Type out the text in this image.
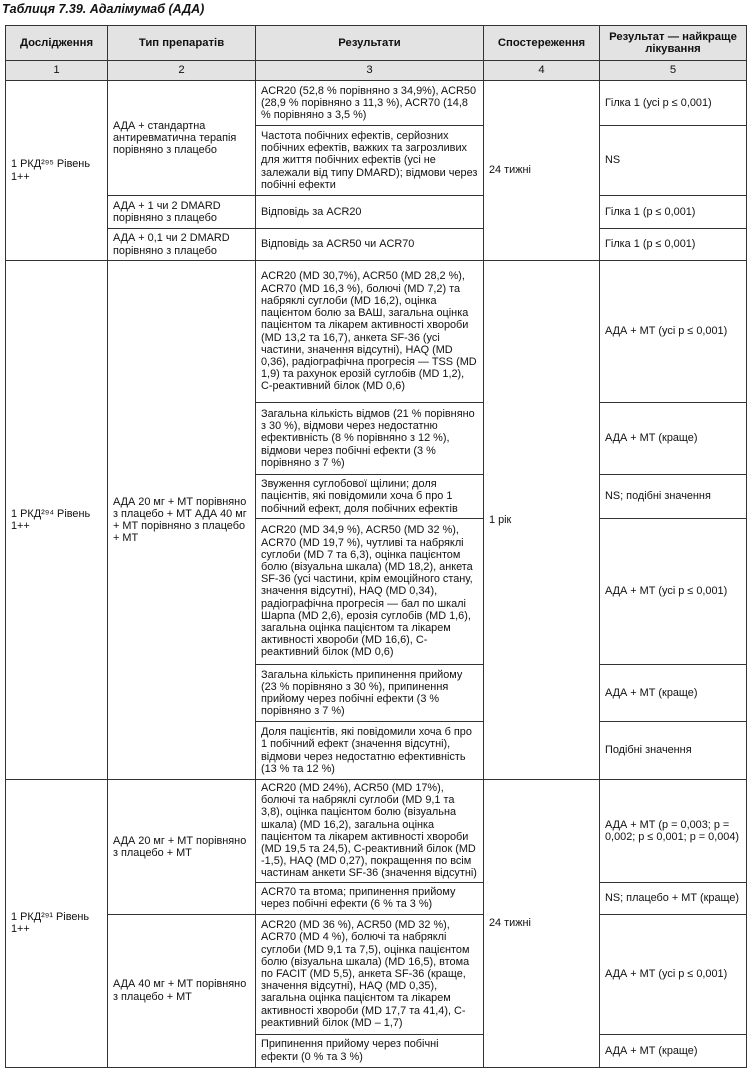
Таблиця 7.39. Адалімумаб (АДА)
Дослідження	Тип препаратів	Результати	Спостереження	Результат — найкраще лікування
1	2	3	4	5
1 РКД²⁹⁵ Рівень 1++	АДА + стандартна антиревматична терапія порівняно з плацебо	ACR20 (52,8 % порівняно з 34,9%), ACR50 (28,9 % порівняно з 11,3 %), ACR70 (14,8 % порівняно з 3,5 %)	24 тижні	Гілка 1 (усі p ≤ 0,001)
		Частота побічних ефектів, серйозних побічних ефектів, важких та загрозливих для життя побічних ефектів (усі не залежали від типу DMARD); відмови через побічні ефекти		NS
	АДА + 1 чи 2 DMARD порівняно з плацебо	Відповідь за ACR20		Гілка 1 (p ≤ 0,001)
	АДА + 0,1 чи 2 DMARD порівняно з плацебо	Відповідь за ACR50 чи ACR70		Гілка 1 (p ≤ 0,001)
1 РКД²⁹⁴ Рівень 1++	АДА 20 мг + МТ порівняно з плацебо + МТ АДА 40 мг + МТ порівняно з плацебо + МТ	ACR20 (MD 30,7%), ACR50 (MD 28,2 %), ACR70 (MD 16,3 %), болючі (MD 7,2) та набряклі суглоби (MD 16,2), оцінка пацієнтом болю за ВАШ, загальна оцінка пацієнтом та лікарем активності хвороби (MD 13,2 та 16,7), анкета SF-36 (усі частини, значення відсутні), HAQ (MD 0,36), радіографічна прогресія — TSS (MD 1,9) та рахунок ерозій суглобів (MD 1,2), С-реактивний білок (MD 0,6)	1 рік	АДА + МТ (усі p ≤ 0,001)
		Загальна кількість відмов (21 % порівняно з 30 %), відмови через недостатню ефективність (8 % порівняно з 12 %), відмови через побічні ефекти (3 % порівняно з 7 %)		АДА + МТ (краще)
		Звуження суглобової щілини; доля пацієнтів, які повідомили хоча б про 1 побічний ефект, доля побічних ефектів		NS; подібні значення
		ACR20 (MD 34,9 %), ACR50 (MD 32 %), ACR70 (MD 19,7 %), чутливі та набряклі суглоби (MD 7 та 6,3), оцінка пацієнтом болю (візуальна шкала) (MD 18,2), анкета SF-36 (усі частини, крім емоційного стану, значення відсутні), HAQ (MD 0,34), радіографічна прогресія — бал по шкалі Шарпа (MD 2,6), ерозія суглобів (MD 1,6), загальна оцінка пацієнтом та лікарем активності хвороби (MD 16,6), С-реактивний білок (MD 0,6)		АДА + МТ (усі p ≤ 0,001)
		Загальна кількість припинення прийому (23 % порівняно з 30 %), припинення прийому через побічні ефекти (3 % порівняно з 7 %)		АДА + МТ (краще)
		Доля пацієнтів, які повідомили хоча б про 1 побічний ефект (значення відсутні), відмови через недостатню ефективність (13 % та 12 %)		Подібні значення
1 РКД²⁹¹ Рівень 1++	АДА 20 мг + МТ порівняно з плацебо + МТ	ACR20 (MD 24%), ACR50 (MD 17%), болючі та набряклі суглоби (MD 9,1 та 3,8), оцінка пацієнтом болю (візуальна шкала) (MD 16,2), загальна оцінка пацієнтом та лікарем активності хвороби (MD 19,5 та 24,5), С-реактивний білок (MD -1,5), HAQ (MD 0,27), покращення по всім частинам анкети SF-36 (значення відсутні)	24 тижні	АДА + МТ (p = 0,003; p = 0,002; p ≤ 0,001; p = 0,004)
		ACR70 та втома; припинення прийому через побічні ефекти (6 % та 3 %)		NS; плацебо + МТ (краще)
	АДА 40 мг + МТ порівняно з плацебо + МТ	ACR20 (MD 36 %), ACR50 (MD 32 %), ACR70 (MD 4 %), болючі та набряклі суглоби (MD 9,1 та 7,5), оцінка пацієнтом болю (візуальна шкала) (MD 16,5), втома по FACIT (MD 5,5), анкета SF-36 (краще, значення відсутні), HAQ (MD 0,35), загальна оцінка пацієнтом та лікарем активності хвороби (MD 17,7 та 41,4), С-реактивний білок (MD – 1,7)		АДА + МТ (усі p ≤ 0,001)
		Припинення прийому через побічні ефекти (0 % та 3 %)		АДА + МТ (краще)
